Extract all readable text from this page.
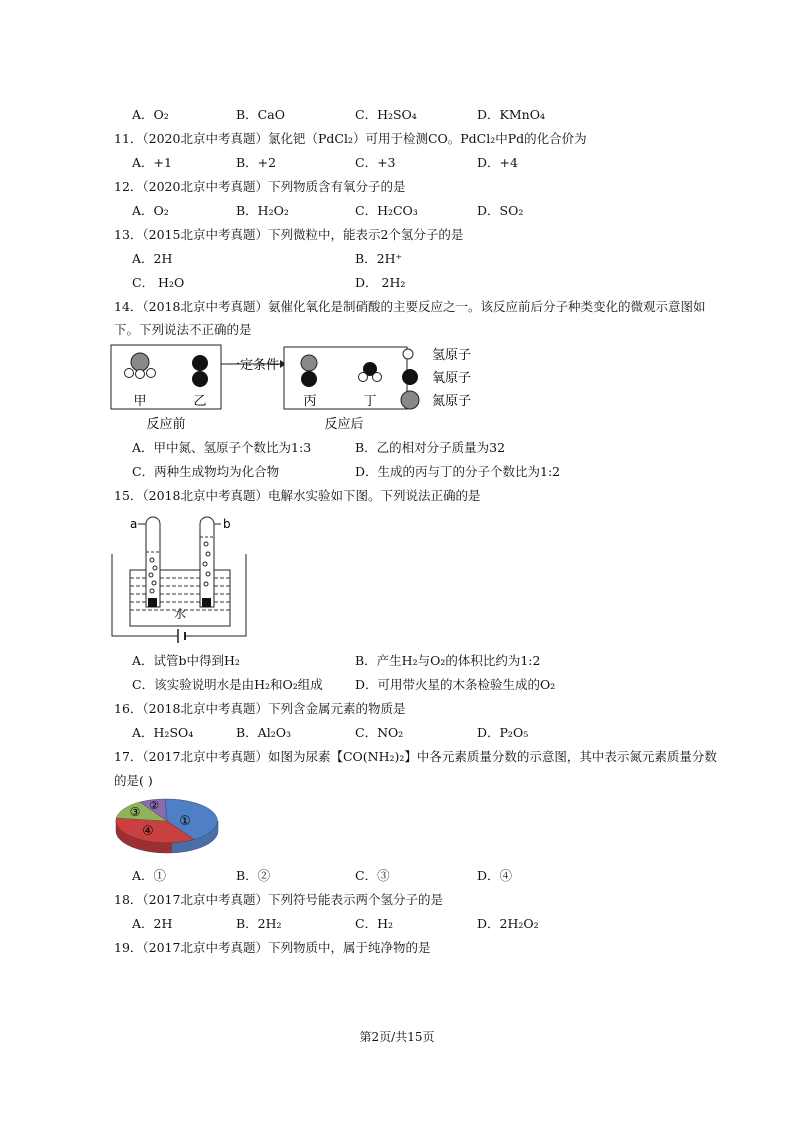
A．O₂	B．CaO	C．H₂SO₄	D．KMnO₄
11．（2020北京中考真题）氯化钯（PdCl₂）可用于检测CO。PdCl₂中Pd的化合价为
A．+1	B．+2	C．+3	D．+4
12．（2020北京中考真题）下列物质含有氧分子的是
A．O₂	B．H₂O₂	C．H₂CO₃	D．SO₂
13．（2015北京中考真题）下列微粒中，能表示2个氢分子的是
A．2H	B．2H⁺
C． H₂O	D． 2H₂
14．（2018北京中考真题）氨催化氧化是制硝酸的主要反应之一。该反应前后分子种类变化的微观示意图如
下。下列说法不正确的是
甲	乙
一定条件
丙	丁
反应前	反应后
氢原子
氧原子
氮原子
A．甲中氮、氢原子个数比为1:3	B．乙的相对分子质量为32
C．两种生成物均为化合物	D．生成的丙与丁的分子个数比为1:2
15．（2018北京中考真题）电解水实验如下图。下列说法正确的是
a	b
水
A．试管b中得到H₂	B．产生H₂与O₂的体积比约为1:2
C．该实验说明水是由H₂和O₂组成	D．可用带火星的木条检验生成的O₂
16．（2018北京中考真题）下列含金属元素的物质是
A．H₂SO₄	B．Al₂O₃	C．NO₂	D．P₂O₅
17．（2017北京中考真题）如图为尿素【CO(NH₂)₂】中各元素质量分数的示意图，其中表示氮元素质量分数
的是( )
①
②
③
④
A．①	B．②	C．③	D．④
18．（2017北京中考真题）下列符号能表示两个氢分子的是
A．2H	B．2H₂	C．H₂	D．2H₂O₂
19．（2017北京中考真题）下列物质中，属于纯净物的是
第2页/共15页
